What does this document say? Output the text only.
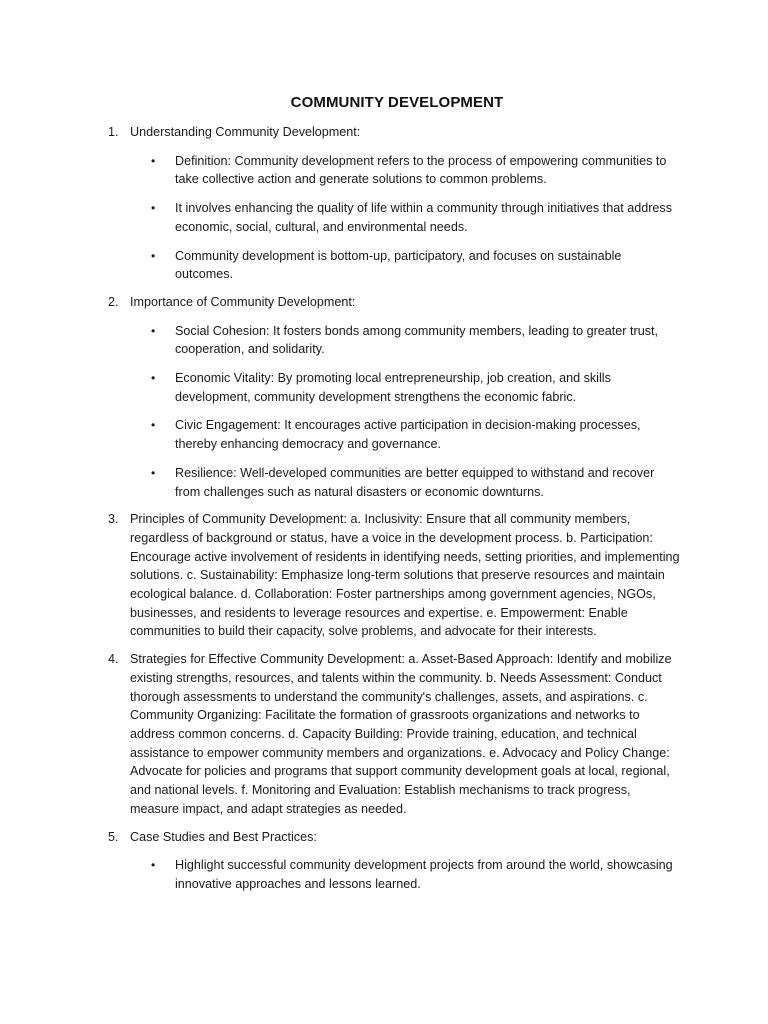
COMMUNITY DEVELOPMENT
1. Understanding Community Development:
• Definition: Community development refers to the process of empowering communities to take collective action and generate solutions to common problems.
• It involves enhancing the quality of life within a community through initiatives that address economic, social, cultural, and environmental needs.
• Community development is bottom-up, participatory, and focuses on sustainable outcomes.
2. Importance of Community Development:
• Social Cohesion: It fosters bonds among community members, leading to greater trust, cooperation, and solidarity.
• Economic Vitality: By promoting local entrepreneurship, job creation, and skills development, community development strengthens the economic fabric.
• Civic Engagement: It encourages active participation in decision-making processes, thereby enhancing democracy and governance.
• Resilience: Well-developed communities are better equipped to withstand and recover from challenges such as natural disasters or economic downturns.
3. Principles of Community Development: a. Inclusivity: Ensure that all community members, regardless of background or status, have a voice in the development process. b. Participation: Encourage active involvement of residents in identifying needs, setting priorities, and implementing solutions. c. Sustainability: Emphasize long-term solutions that preserve resources and maintain ecological balance. d. Collaboration: Foster partnerships among government agencies, NGOs, businesses, and residents to leverage resources and expertise. e. Empowerment: Enable communities to build their capacity, solve problems, and advocate for their interests.
4. Strategies for Effective Community Development: a. Asset-Based Approach: Identify and mobilize existing strengths, resources, and talents within the community. b. Needs Assessment: Conduct thorough assessments to understand the community's challenges, assets, and aspirations. c. Community Organizing: Facilitate the formation of grassroots organizations and networks to address common concerns. d. Capacity Building: Provide training, education, and technical assistance to empower community members and organizations. e. Advocacy and Policy Change: Advocate for policies and programs that support community development goals at local, regional, and national levels. f. Monitoring and Evaluation: Establish mechanisms to track progress, measure impact, and adapt strategies as needed.
5. Case Studies and Best Practices:
• Highlight successful community development projects from around the world, showcasing innovative approaches and lessons learned.
